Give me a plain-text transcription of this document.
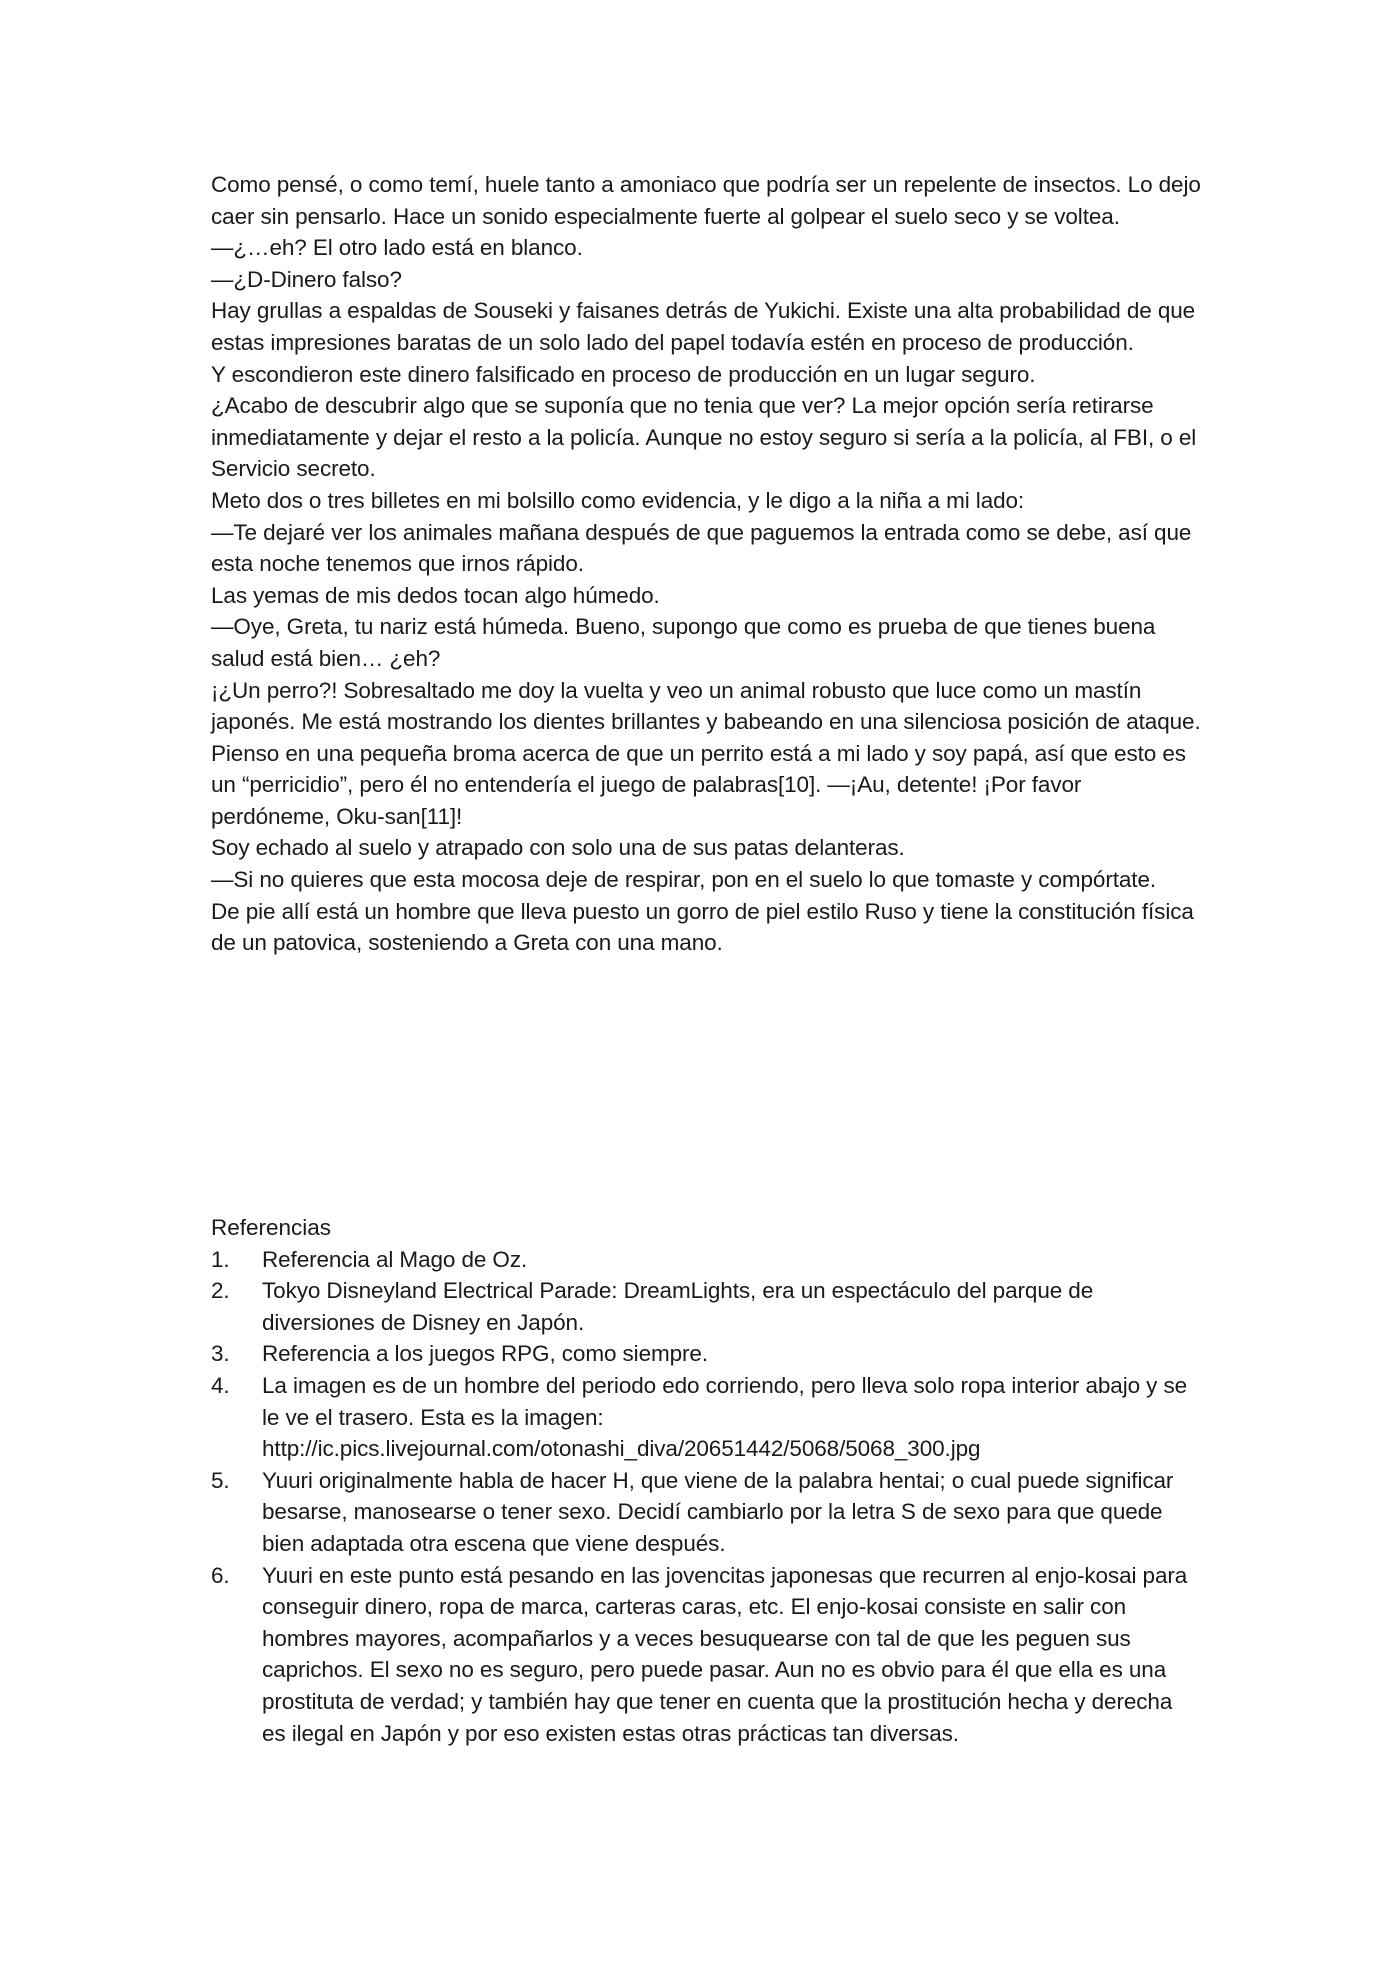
Como pensé, o como temí, huele tanto a amoniaco que podría ser un repelente de insectos. Lo dejo caer sin pensarlo. Hace un sonido especialmente fuerte al golpear el suelo seco y se voltea.

—¿…eh? El otro lado está en blanco.

—¿D-Dinero falso?

Hay grullas a espaldas de Souseki y faisanes detrás de Yukichi. Existe una alta probabilidad de que estas impresiones baratas de un solo lado del papel todavía estén en proceso de producción.

Y escondieron este dinero falsificado en proceso de producción en un lugar seguro.

¿Acabo de descubrir algo que se suponía que no tenia que ver? La mejor opción sería retirarse inmediatamente y dejar el resto a la policía. Aunque no estoy seguro si sería a la policía, al FBI, o el Servicio secreto.

Meto dos o tres billetes en mi bolsillo como evidencia, y le digo a la niña a mi lado:

—Te dejaré ver los animales mañana después de que paguemos la entrada como se debe, así que esta noche tenemos que irnos rápido.

Las yemas de mis dedos tocan algo húmedo.

—Oye, Greta, tu nariz está húmeda. Bueno, supongo que como es prueba de que tienes buena salud está bien… ¿eh?

¡¿Un perro?! Sobresaltado me doy la vuelta y veo un animal robusto que luce como un mastín japonés. Me está mostrando los dientes brillantes y babeando en una silenciosa posición de ataque.

Pienso en una pequeña broma acerca de que un perrito está a mi lado y soy papá, así que esto es un “perricidio”, pero él no entendería el juego de palabras[10]. —¡Au, detente! ¡Por favor perdóneme, Oku-san[11]!

Soy echado al suelo y atrapado con solo una de sus patas delanteras.

—Si no quieres que esta mocosa deje de respirar, pon en el suelo lo que tomaste y compórtate.

De pie allí está un hombre que lleva puesto un gorro de piel estilo Ruso y tiene la constitución física de un patovica, sosteniendo a Greta con una mano.

Referencias

1.	Referencia al Mago de Oz.
2.	Tokyo Disneyland Electrical Parade: DreamLights, era un espectáculo del parque de diversiones de Disney en Japón.
3.	Referencia a los juegos RPG, como siempre.
4.	La imagen es de un hombre del periodo edo corriendo, pero lleva solo ropa interior abajo y se le ve el trasero. Esta es la imagen: http://ic.pics.livejournal.com/otonashi_diva/20651442/5068/5068_300.jpg
5.	Yuuri originalmente habla de hacer H, que viene de la palabra hentai; o cual puede significar besarse, manosearse o tener sexo. Decidí cambiarlo por la letra S de sexo para que quede bien adaptada otra escena que viene después.
6.	Yuuri en este punto está pesando en las jovencitas japonesas que recurren al enjo-kosai para conseguir dinero, ropa de marca, carteras caras, etc. El enjo-kosai consiste en salir con hombres mayores, acompañarlos y a veces besuquearse con tal de que les peguen sus caprichos. El sexo no es seguro, pero puede pasar. Aun no es obvio para él que ella es una prostituta de verdad; y también hay que tener en cuenta que la prostitución hecha y derecha es ilegal en Japón y por eso existen estas otras prácticas tan diversas.
